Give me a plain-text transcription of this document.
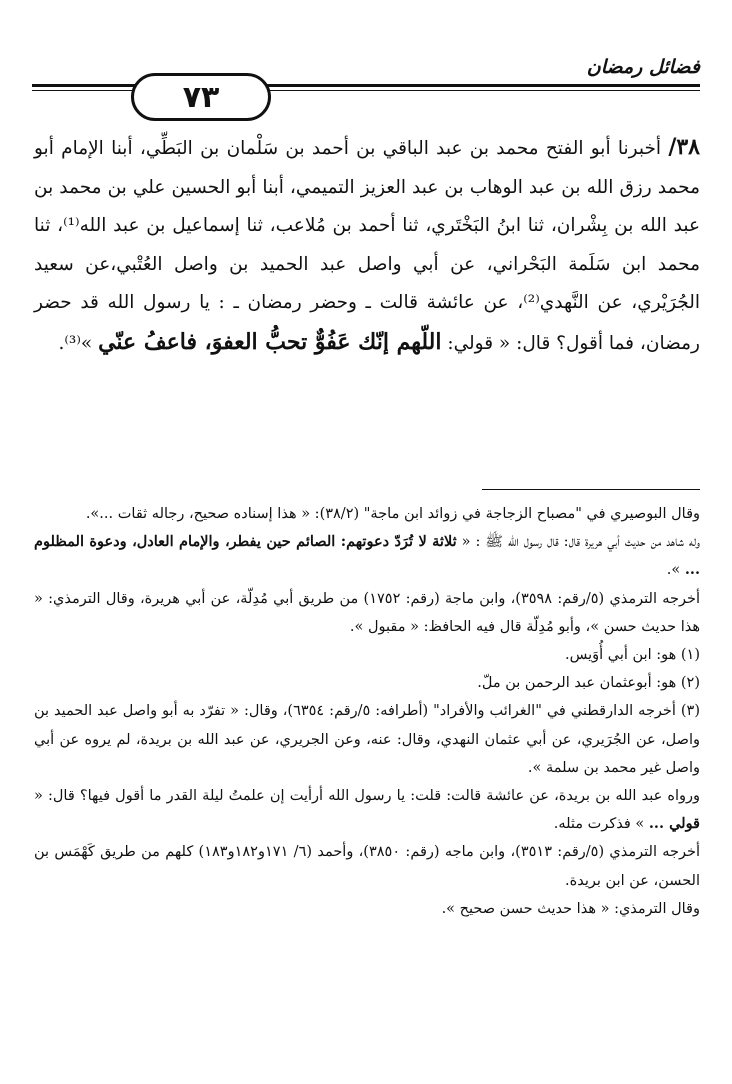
فضائل رمضان
٧٣

٣٨/ أخبرنا أبو الفتح محمد بن عبد الباقي بن أحمد بن سَلْمان بن البَطِّي، أبنا الإمام أبو محمد رزق الله بن عبد الوهاب بن عبد العزيز التميمي، أبنا أبو الحسين علي بن محمد بن عبد الله بن بِشْران، ثنا ابنُ البَخْتَري، ثنا أحمد بن مُلاعب، ثنا إسماعيل بن عبد الله⁽¹⁾، ثنا محمد ابن سَلَمة البَحْراني، عن أبي واصل عبد الحميد بن واصل العُتْبي،عن سعيد الجُرَيْري، عن النَّهدي⁽²⁾، عن عائشة قالت ـ وحضر رمضان ـ : يا رسول الله قد حضر رمضان، فما أقول؟ قال: « قولي: اللّهم إنّك عَفُوٌّ تحبُّ العفوَ، فاعفُ عنّي »⁽³⁾.

وقال البوصيري في "مصباح الزجاجة في زوائد ابن ماجة" (٣٨/٢): « هذا إسناده صحيح، رجاله ثقات ...».

وله شاهد من حديث أبي هريرة قال: قال رسول الله ﷺ : « ثلاثة لا تُرَدّ دعوتهم: الصائم حين يفطر، والإمام العادل، ودعوة المظلوم ... ».

أخرجه الترمذي (٥/رقم: ٣٥٩٨)، وابن ماجة (رقم: ١٧٥٢) من طريق أبي مُدِلّة، عن أبي هريرة، وقال الترمذي: « هذا حديث حسن »، وأبو مُدِلّة قال فيه الحافظ: « مقبول ».

(١) هو: ابن أبي أُوَيس.

(٢) هو: أبوعثمان عبد الرحمن بن ملّ.

(٣) أخرجه الدارقطني في "الغرائب والأفراد" (أطرافه: ٥/رقم: ٦٣٥٤)، وقال: « تفرّد به أبو واصل عبد الحميد بن واصل، عن الجُرَيري، عن أبي عثمان النهدي، وقال: عنه، وعن الجريري، عن عبد الله بن بريدة، لم يروه عن أبي واصل غير محمد بن سلمة ».

ورواه عبد الله بن بريدة، عن عائشة قالت: قلت: يا رسول الله أرأيت إن علمتُ ليلة القدر ما أقول فيها؟ قال: « قولي ... » فذكرت مثله.

أخرجه الترمذي (٥/رقم: ٣٥١٣)، وابن ماجه (رقم: ٣٨٥٠)، وأحمد (٦/ ١٧١و١٨٢و١٨٣) كلهم من طريق كَهْمَس بن الحسن، عن ابن بريدة.

وقال الترمذي: « هذا حديث حسن صحيح ».
